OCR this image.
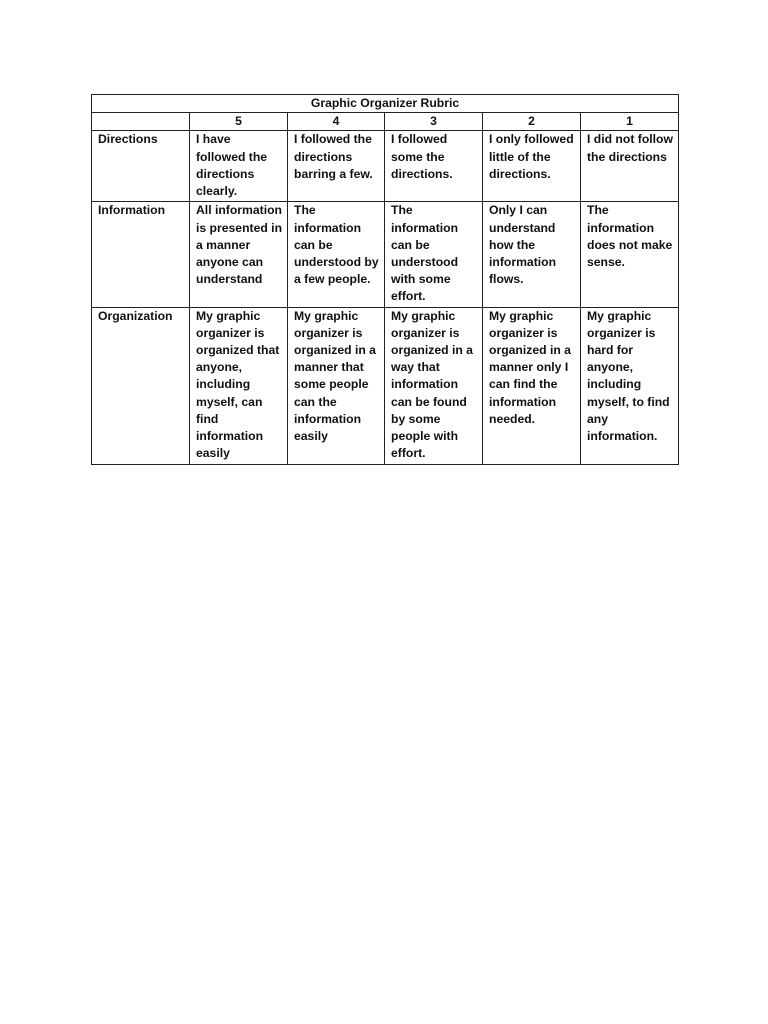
Graphic Organizer Rubric					
	5	4	3	2	1
Directions	I have followed the directions clearly.	I followed the directions barring a few.	I followed some the directions.	I only followed little of the directions.	I did not follow the directions
Information	All information is presented in a manner anyone can understand	The information can be understood by a few people.	The information can be understood with some effort.	Only I can understand how the information flows.	The information does not make sense.
Organization	My graphic organizer is organized that anyone, including myself, can find information easily	My graphic organizer is organized in a manner that some people can the information easily	My graphic organizer is organized in a way that information can be found by some people with effort.	My graphic organizer is organized in a manner only I can find the information needed.	My graphic organizer is hard for anyone, including myself, to find any information.
